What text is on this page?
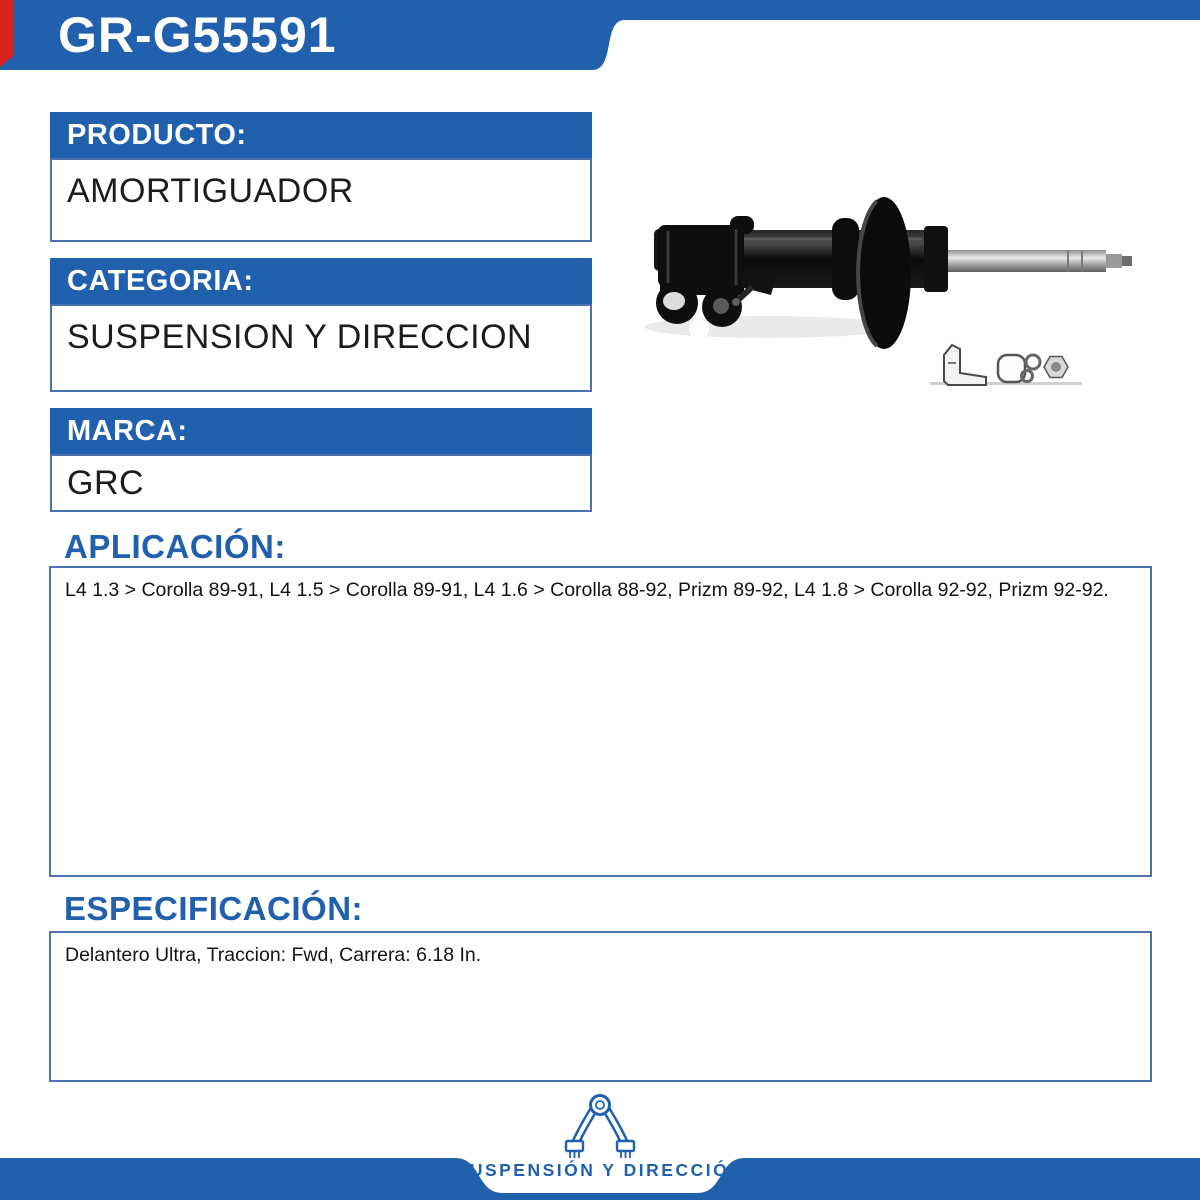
GR-G55591
PRODUCTO:
AMORTIGUADOR
CATEGORIA:
SUSPENSION Y DIRECCION
MARCA:
GRC
APLICACIÓN:
L4 1.3 > Corolla 89-91, L4 1.5 > Corolla 89-91, L4 1.6 > Corolla 88-92, Prizm 89-92, L4 1.8 > Corolla 92-92, Prizm 92-92.
ESPECIFICACIÓN:
Delantero Ultra, Traccion: Fwd, Carrera: 6.18 In.
SUSPENSIÓN Y DIRECCIÓN
